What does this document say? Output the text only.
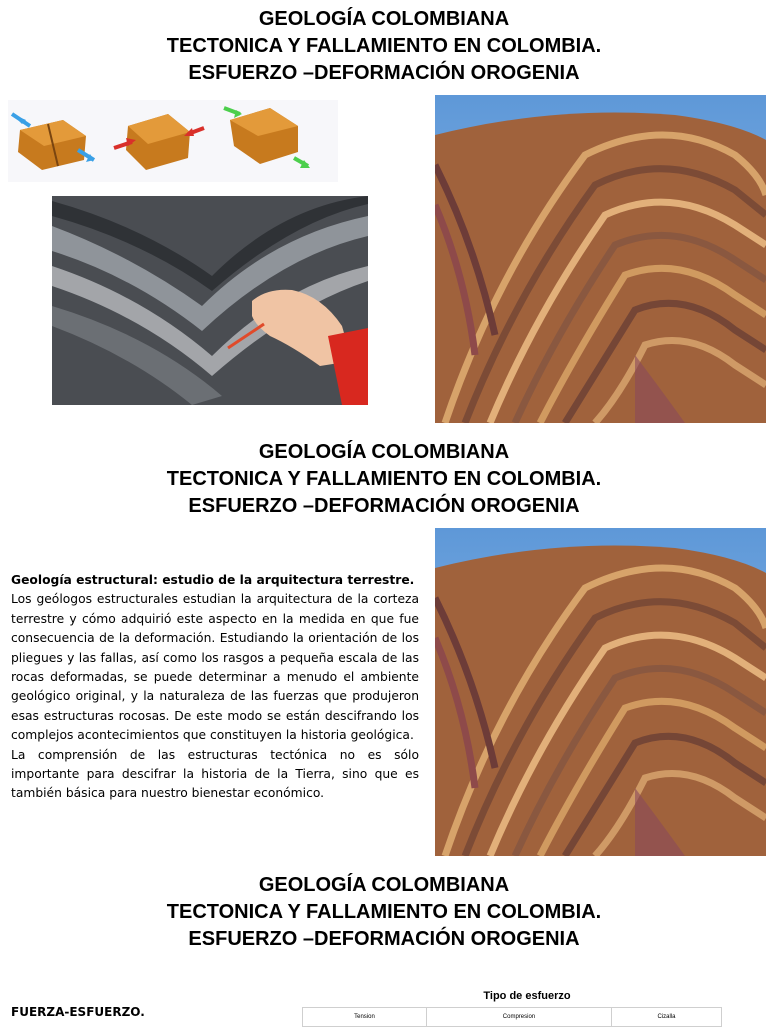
GEOLOGÍA COLOMBIANA
TECTONICA Y FALLAMIENTO EN COLOMBIA.
ESFUERZO –DEFORMACIÓN OROGENIA
GEOLOGÍA COLOMBIANA
TECTONICA Y FALLAMIENTO EN COLOMBIA.
ESFUERZO –DEFORMACIÓN OROGENIA
Geología estructural: estudio de la arquitectura terrestre.

Los geólogos estructurales estudian la arquitectura de la corteza terrestre y cómo adquirió este aspecto en la medida en que fue consecuencia de la deformación. Estudiando la orientación de los pliegues y las fallas, así como los rasgos a pequeña escala de las rocas deformadas, se puede determinar a menudo el ambiente geológico original, y la naturaleza de las fuerzas que produjeron esas estructuras rocosas. De este modo se están descifrando los complejos acontecimientos que constituyen la historia geológica.

La comprensión de las estructuras tectónica no es sólo importante para descifrar la historia de la Tierra, sino que es también básica para nuestro bienestar económico.

GEOLOGÍA COLOMBIANA
TECTONICA Y FALLAMIENTO EN COLOMBIA.
ESFUERZO –DEFORMACIÓN OROGENIA
FUERZA-ESFUERZO.
Tipo de esfuerzo
Tension	Compresion	Cizalla
